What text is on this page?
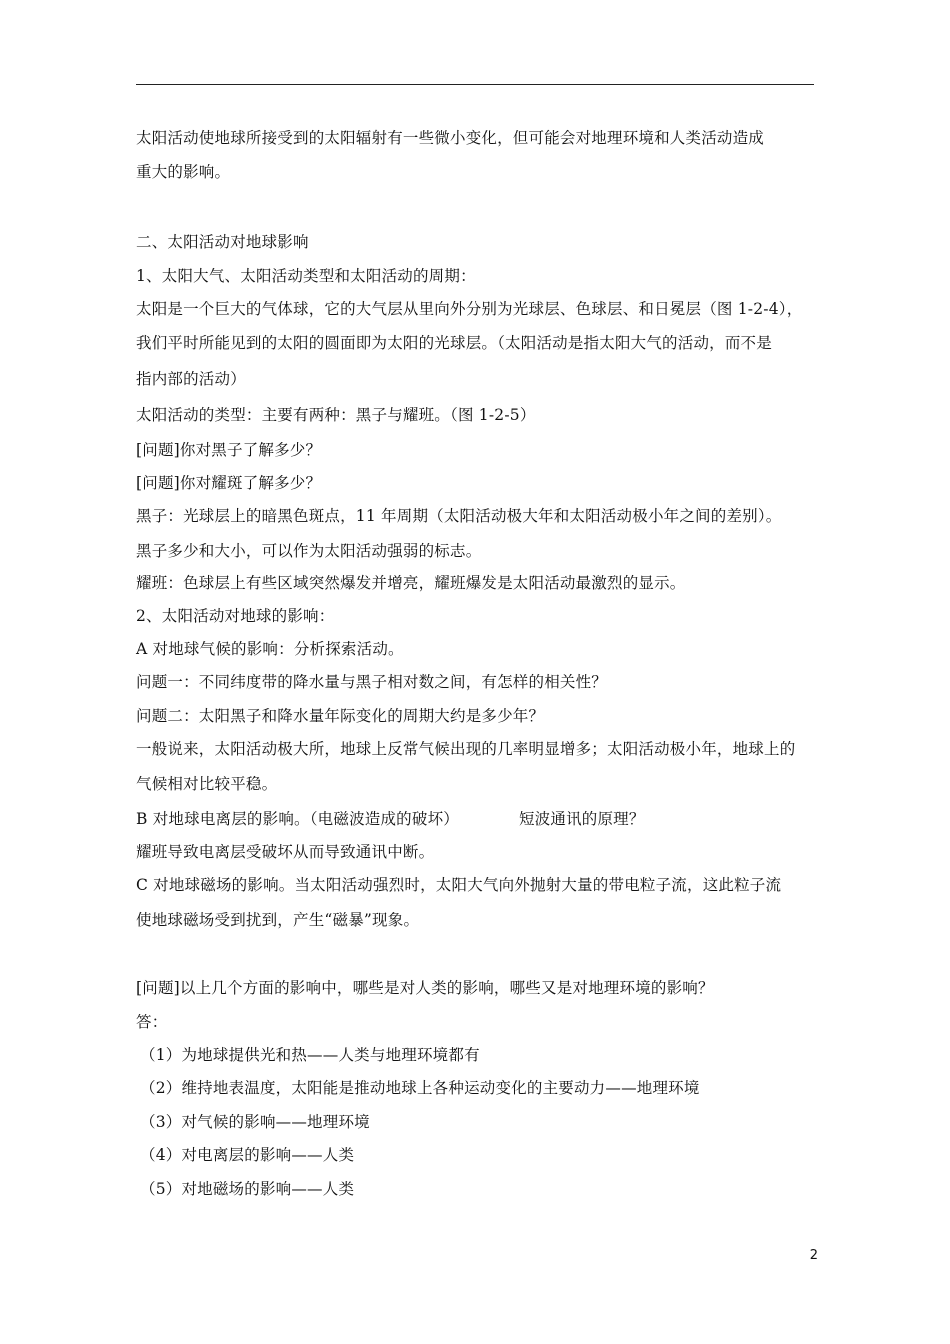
太阳活动使地球所接受到的太阳辐射有一些微小变化，但可能会对地理环境和人类活动造成
重大的影响。
二、太阳活动对地球影响
1、太阳大气、太阳活动类型和太阳活动的周期：
太阳是一个巨大的气体球，它的大气层从里向外分别为光球层、色球层、和日冕层（图 1-2-4），
我们平时所能见到的太阳的圆面即为太阳的光球层。（太阳活动是指太阳大气的活动，而不是
指内部的活动）
太阳活动的类型：主要有两种：黑子与耀班。（图 1-2-5）
[问题]你对黑子了解多少？
[问题]你对耀斑了解多少？
黑子：光球层上的暗黑色斑点，11 年周期（太阳活动极大年和太阳活动极小年之间的差别）。
黑子多少和大小，可以作为太阳活动强弱的标志。
耀班：色球层上有些区域突然爆发并增亮，耀班爆发是太阳活动最激烈的显示。
2、太阳活动对地球的影响：
A 对地球气候的影响：分析探索活动。
问题一：不同纬度带的降水量与黑子相对数之间，有怎样的相关性？
问题二：太阳黑子和降水量年际变化的周期大约是多少年？
一般说来，太阳活动极大所，地球上反常气候出现的几率明显增多；太阳活动极小年，地球上的
气候相对比较平稳。
B 对地球电离层的影响。（电磁波造成的破坏）	短波通讯的原理？
耀班导致电离层受破坏从而导致通讯中断。
C 对地球磁场的影响。当太阳活动强烈时，太阳大气向外抛射大量的带电粒子流，这此粒子流
使地球磁场受到扰到，产生“磁暴”现象。
[问题]以上几个方面的影响中，哪些是对人类的影响，哪些又是对地理环境的影响？
答：
（1）为地球提供光和热——人类与地理环境都有
（2）维持地表温度，太阳能是推动地球上各种运动变化的主要动力——地理环境
（3）对气候的影响——地理环境
（4）对电离层的影响——人类
（5）对地磁场的影响——人类
2
